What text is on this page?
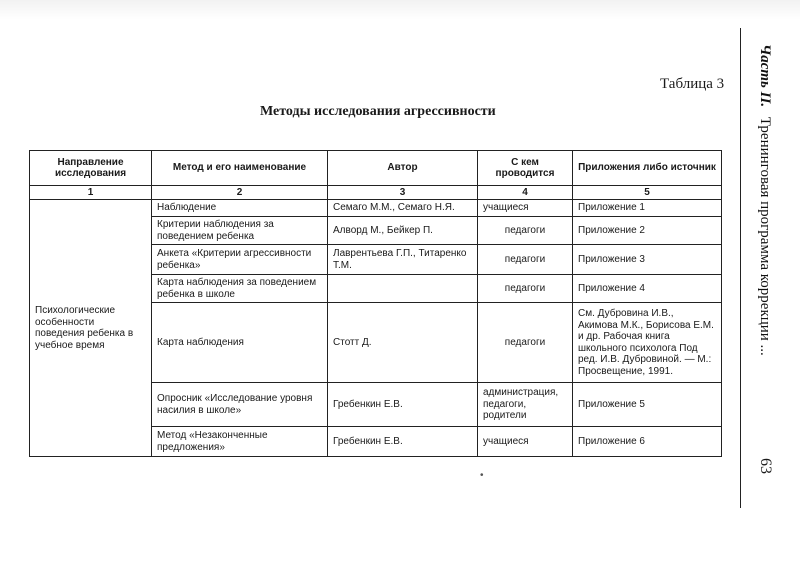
Часть II. Тренинговая программа коррекции ...
63
Таблица 3
Методы исследования агрессивности
Направление исследования	Метод и его наименование	Автор	С кем проводится	Приложения либо источник
1	2	3	4	5
Психологические особенности поведения ребенка в учебное время	Наблюдение	Семаго М.М., Семаго Н.Я.	учащиеся	Приложение 1
	Критерии наблюдения за поведением ребенка	Алворд М., Бейкер П.	педагоги	Приложение 2
	Анкета «Критерии агрессивности ребенка»	Лаврентьева Г.П., Титаренко Т.М.	педагоги	Приложение 3
	Карта наблюдения за поведением ребенка в школе		педагоги	Приложение 4
	Карта наблюдения	Стотт Д.	педагоги	См. Дубровина И.В., Акимова М.К., Борисова Е.М. и др. Рабочая книга школьного психолога Под ред. И.В. Дубровиной. — М.: Просвещение, 1991.
	Опросник «Исследование уровня насилия в школе»	Гребенкин Е.В.	администрация, педагоги, родители	Приложение 5
	Метод «Незаконченные предложения»	Гребенкин Е.В.	учащиеся	Приложение 6
•
